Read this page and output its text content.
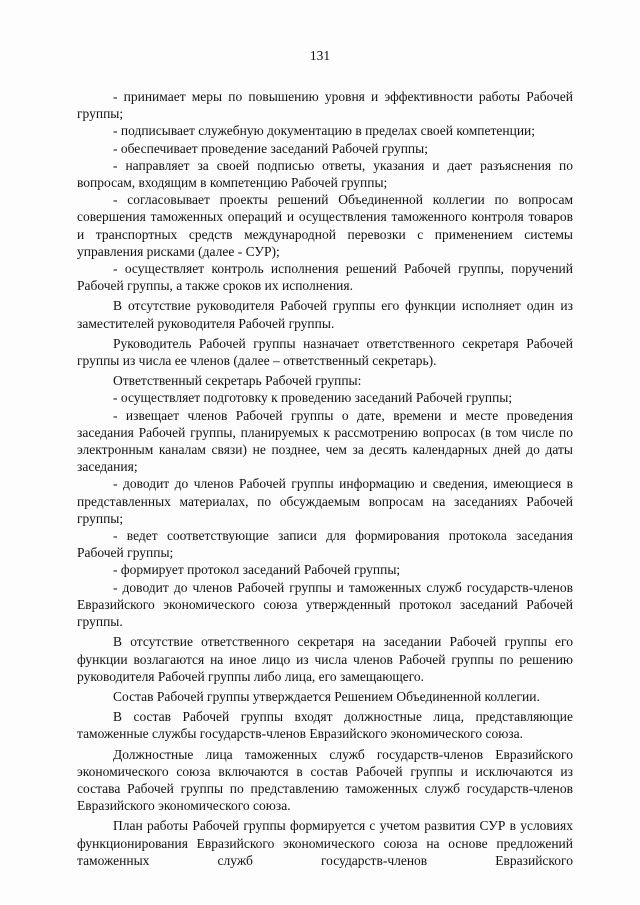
131

- принимает меры по повышению уровня и эффективности работы Рабочей группы;

- подписывает служебную документацию в пределах своей компетенции;

- обеспечивает проведение заседаний Рабочей группы;

- направляет за своей подписью ответы, указания и дает разъяснения по вопросам, входящим в компетенцию Рабочей группы;

- согласовывает проекты решений Объединенной коллегии по вопросам совершения таможенных операций и осуществления таможенного контроля товаров и транспортных средств международной перевозки с применением системы управления рисками (далее - СУР);

- осуществляет контроль исполнения решений Рабочей группы, поручений Рабочей группы, а также сроков их исполнения.

В отсутствие руководителя Рабочей группы его функции исполняет один из заместителей руководителя Рабочей группы.

Руководитель Рабочей группы назначает ответственного секретаря Рабочей группы из числа ее членов (далее – ответственный секретарь).

Ответственный секретарь Рабочей группы:

- осуществляет подготовку к проведению заседаний Рабочей группы;

- извещает членов Рабочей группы о дате, времени и месте проведения заседания Рабочей группы, планируемых к рассмотрению вопросах (в том числе по электронным каналам связи) не позднее, чем за десять календарных дней до даты заседания;

- доводит до членов Рабочей группы информацию и сведения, имеющиеся в представленных материалах, по обсуждаемым вопросам на заседаниях Рабочей группы;

- ведет соответствующие записи для формирования протокола заседания Рабочей группы;

- формирует протокол заседаний Рабочей группы;

- доводит до членов Рабочей группы и таможенных служб государств-членов Евразийского экономического союза утвержденный протокол заседаний Рабочей группы.

В отсутствие ответственного секретаря на заседании Рабочей группы его функции возлагаются на иное лицо из числа членов Рабочей группы по решению руководителя Рабочей группы либо лица, его замещающего.

Состав Рабочей группы утверждается Решением Объединенной коллегии.

В состав Рабочей группы входят должностные лица, представляющие таможенные службы государств-членов Евразийского экономического союза.

Должностные лица таможенных служб государств-членов Евразийского экономического союза включаются в состав Рабочей группы и исключаются из состава Рабочей группы по представлению таможенных служб государств-членов Евразийского экономического союза.

План работы Рабочей группы формируется с учетом развития СУР в условиях функционирования Евразийского экономического союза на основе предложений таможенных служб государств-членов Евразийского
